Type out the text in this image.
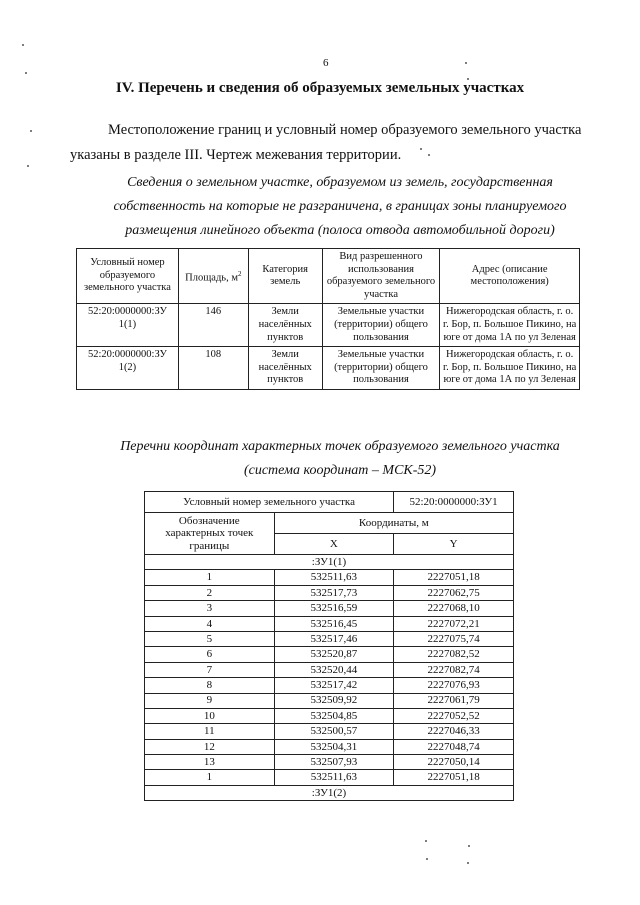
6
IV. Перечень и сведения об образуемых земельных участках
Местоположение границ и условный номер образуемого земельного участка указаны в разделе III. Чертеж межевания территории.
Сведения о земельном участке, образуемом из земель, государственная
собственность на которые не разграничена, в границах зоны планируемого
размещения линейного объекта (полоса отвода автомобильной дороги)
Условный номер образуемого земельного участка	Площадь, $м^2$	Категория земель	Вид разрешенного использования образуемого земельного участка	Адрес (описание местоположения)
52:20:0000000:ЗУ 1(1)	146	Земли населённых пунктов	Земельные участки (территории) общего пользования	Нижегородская область, г. о. г. Бор, п. Большое Пикино, на юге от дома 1А по ул Зеленая
52:20:0000000:ЗУ 1(2)	108	Земли населённых пунктов	Земельные участки (территории) общего пользования	Нижегородская область, г. о. г. Бор, п. Большое Пикино, на юге от дома 1А по ул Зеленая
Перечни координат характерных точек образуемого земельного участка
(система координат – МСК-52)
Условный номер земельного участка		52:20:0000000:ЗУ1
Обозначение характерных точек границы	Координаты, м	
	X	Y
:ЗУ1(1)		
1	532511,63	2227051,18
2	532517,73	2227062,75
3	532516,59	2227068,10
4	532516,45	2227072,21
5	532517,46	2227075,74
6	532520,87	2227082,52
7	532520,44	2227082,74
8	532517,42	2227076,93
9	532509,92	2227061,79
10	532504,85	2227052,52
11	532500,57	2227046,33
12	532504,31	2227048,74
13	532507,93	2227050,14
1	532511,63	2227051,18
:ЗУ1(2)		
